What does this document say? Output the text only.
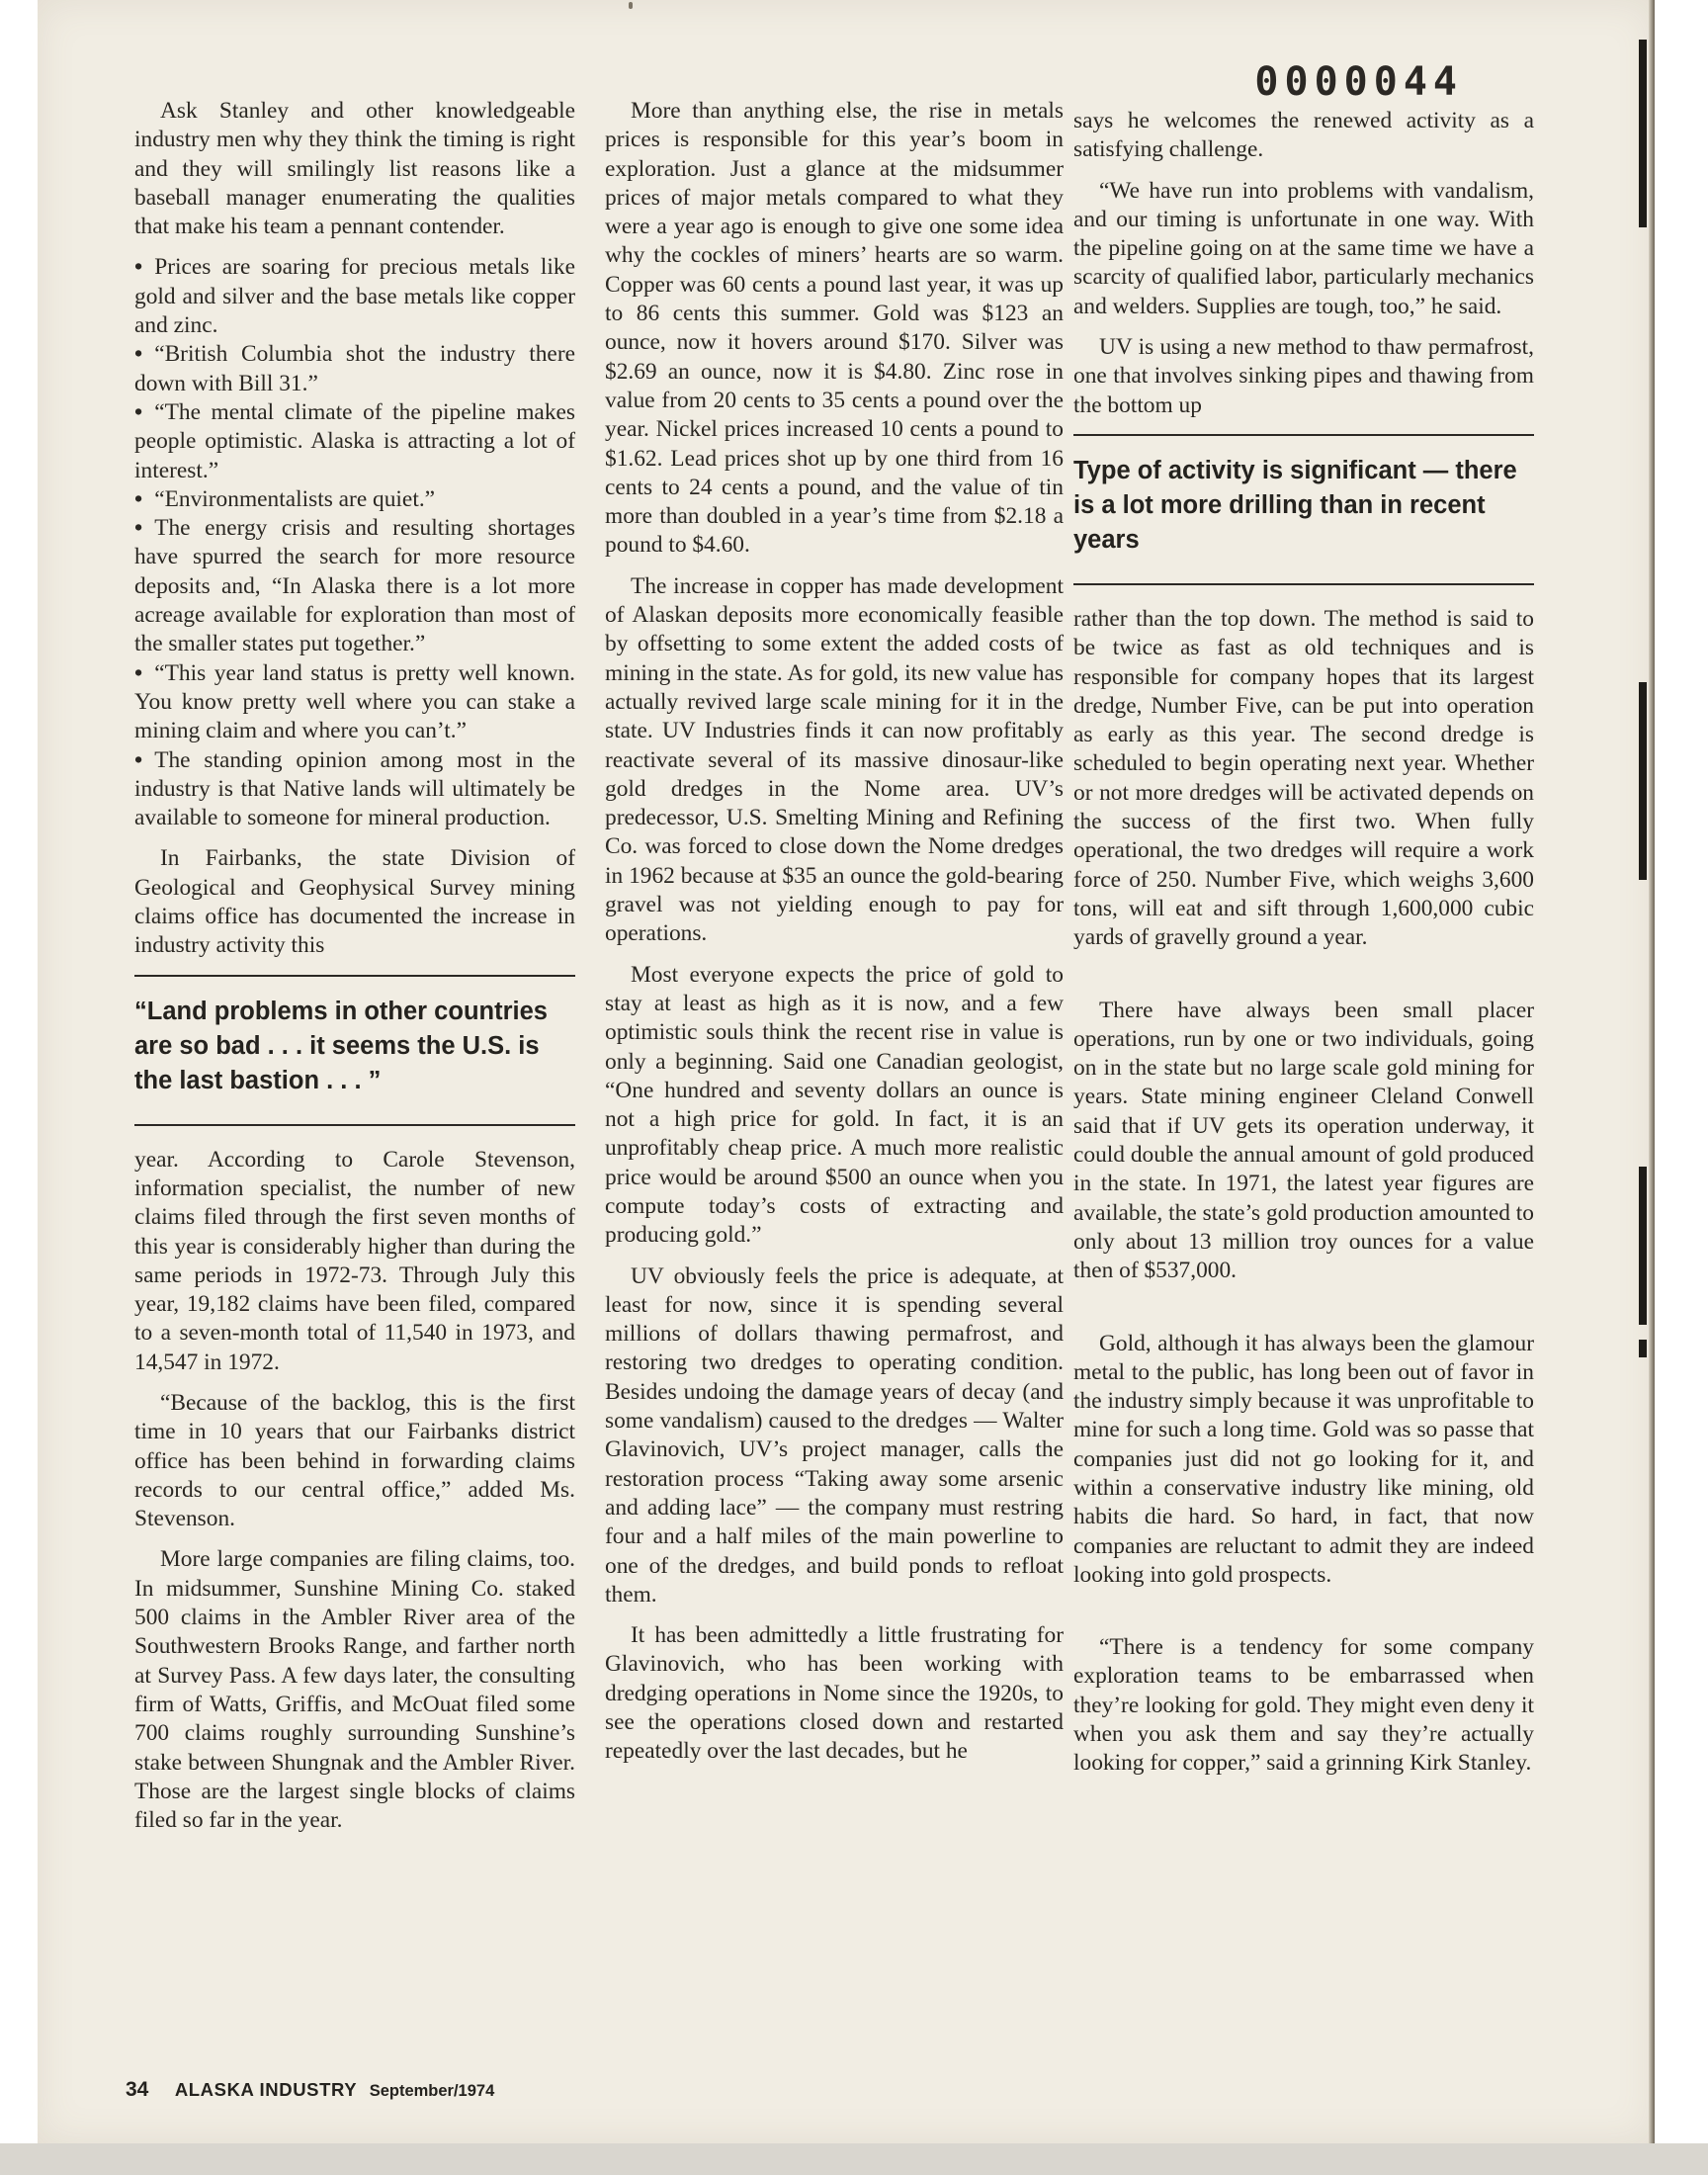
0000044

Ask Stanley and other knowledgeable industry men why they think the timing is right and they will smilingly list reasons like a baseball manager enumerating the qualities that make his team a pennant contender.

• Prices are soaring for precious metals like gold and silver and the base metals like copper and zinc.
• “British Columbia shot the industry there down with Bill 31.”
• “The mental climate of the pipeline makes people optimistic. Alaska is attracting a lot of interest.”
• “Environmentalists are quiet.”
• The energy crisis and resulting shortages have spurred the search for more resource deposits and, “In Alaska there is a lot more acreage available for exploration than most of the smaller states put together.”
• “This year land status is pretty well known. You know pretty well where you can stake a mining claim and where you can’t.”
• The standing opinion among most in the industry is that Native lands will ultimately be available to someone for mineral production.

In Fairbanks, the state Division of Geological and Geophysical Survey mining claims office has documented the increase in industry activity this

“Land problems in other countries are so bad . . . it seems the U.S. is the last bastion . . . ”

year. According to Carole Stevenson, information specialist, the number of new claims filed through the first seven months of this year is considerably higher than during the same periods in 1972-73. Through July this year, 19,182 claims have been filed, compared to a seven-month total of 11,540 in 1973, and 14,547 in 1972.

“Because of the backlog, this is the first time in 10 years that our Fairbanks district office has been behind in forwarding claims records to our central office,” added Ms. Stevenson.

More large companies are filing claims, too. In midsummer, Sunshine Mining Co. staked 500 claims in the Ambler River area of the Southwestern Brooks Range, and farther north at Survey Pass. A few days later, the consulting firm of Watts, Griffis, and McOuat filed some 700 claims roughly surrounding Sunshine’s stake between Shungnak and the Ambler River. Those are the largest single blocks of claims filed so far in the year.

More than anything else, the rise in metals prices is responsible for this year’s boom in exploration. Just a glance at the midsummer prices of major metals compared to what they were a year ago is enough to give one some idea why the cockles of miners’ hearts are so warm. Copper was 60 cents a pound last year, it was up to 86 cents this summer. Gold was $123 an ounce, now it hovers around $170. Silver was $2.69 an ounce, now it is $4.80. Zinc rose in value from 20 cents to 35 cents a pound over the year. Nickel prices increased 10 cents a pound to $1.62. Lead prices shot up by one third from 16 cents to 24 cents a pound, and the value of tin more than doubled in a year’s time from $2.18 a pound to $4.60.

The increase in copper has made development of Alaskan deposits more economically feasible by offsetting to some extent the added costs of mining in the state. As for gold, its new value has actually revived large scale mining for it in the state. UV Industries finds it can now profitably reactivate several of its massive dinosaur-like gold dredges in the Nome area. UV’s predecessor, U.S. Smelting Mining and Refining Co. was forced to close down the Nome dredges in 1962 because at $35 an ounce the gold-bearing gravel was not yielding enough to pay for operations.

Most everyone expects the price of gold to stay at least as high as it is now, and a few optimistic souls think the recent rise in value is only a beginning. Said one Canadian geologist, “One hundred and seventy dollars an ounce is not a high price for gold. In fact, it is an unprofitably cheap price. A much more realistic price would be around $500 an ounce when you compute today’s costs of extracting and producing gold.”

UV obviously feels the price is adequate, at least for now, since it is spending several millions of dollars thawing permafrost, and restoring two dredges to operating condition. Besides undoing the damage years of decay (and some vandalism) caused to the dredges — Walter Glavinovich, UV’s project manager, calls the restoration process “Taking away some arsenic and adding lace” — the company must restring four and a half miles of the main powerline to one of the dredges, and build ponds to refloat them.

It has been admittedly a little frustrating for Glavinovich, who has been working with dredging operations in Nome since the 1920s, to see the operations closed down and restarted repeatedly over the last decades, but he

says he welcomes the renewed activity as a satisfying challenge.

“We have run into problems with vandalism, and our timing is unfortunate in one way. With the pipeline going on at the same time we have a scarcity of qualified labor, particularly mechanics and welders. Supplies are tough, too,” he said.

UV is using a new method to thaw permafrost, one that involves sinking pipes and thawing from the bottom up

Type of activity is significant — there is a lot more drilling than in recent years

rather than the top down. The method is said to be twice as fast as old techniques and is responsible for company hopes that its largest dredge, Number Five, can be put into operation as early as this year. The second dredge is scheduled to begin operating next year. Whether or not more dredges will be activated depends on the success of the first two. When fully operational, the two dredges will require a work force of 250. Number Five, which weighs 3,600 tons, will eat and sift through 1,600,000 cubic yards of gravelly ground a year.

There have always been small placer operations, run by one or two individuals, going on in the state but no large scale gold mining for years. State mining engineer Cleland Conwell said that if UV gets its operation underway, it could double the annual amount of gold produced in the state. In 1971, the latest year figures are available, the state’s gold production amounted to only about 13 million troy ounces for a value then of $537,000.

Gold, although it has always been the glamour metal to the public, has long been out of favor in the industry simply because it was unprofitable to mine for such a long time. Gold was so passe that companies just did not go looking for it, and within a conservative industry like mining, old habits die hard. So hard, in fact, that now companies are reluctant to admit they are indeed looking into gold prospects.

“There is a tendency for some company exploration teams to be embarrassed when they’re looking for gold. They might even deny it when you ask them and say they’re actually looking for copper,” said a grinning Kirk Stanley.

34 ALASKA INDUSTRY September/1974
